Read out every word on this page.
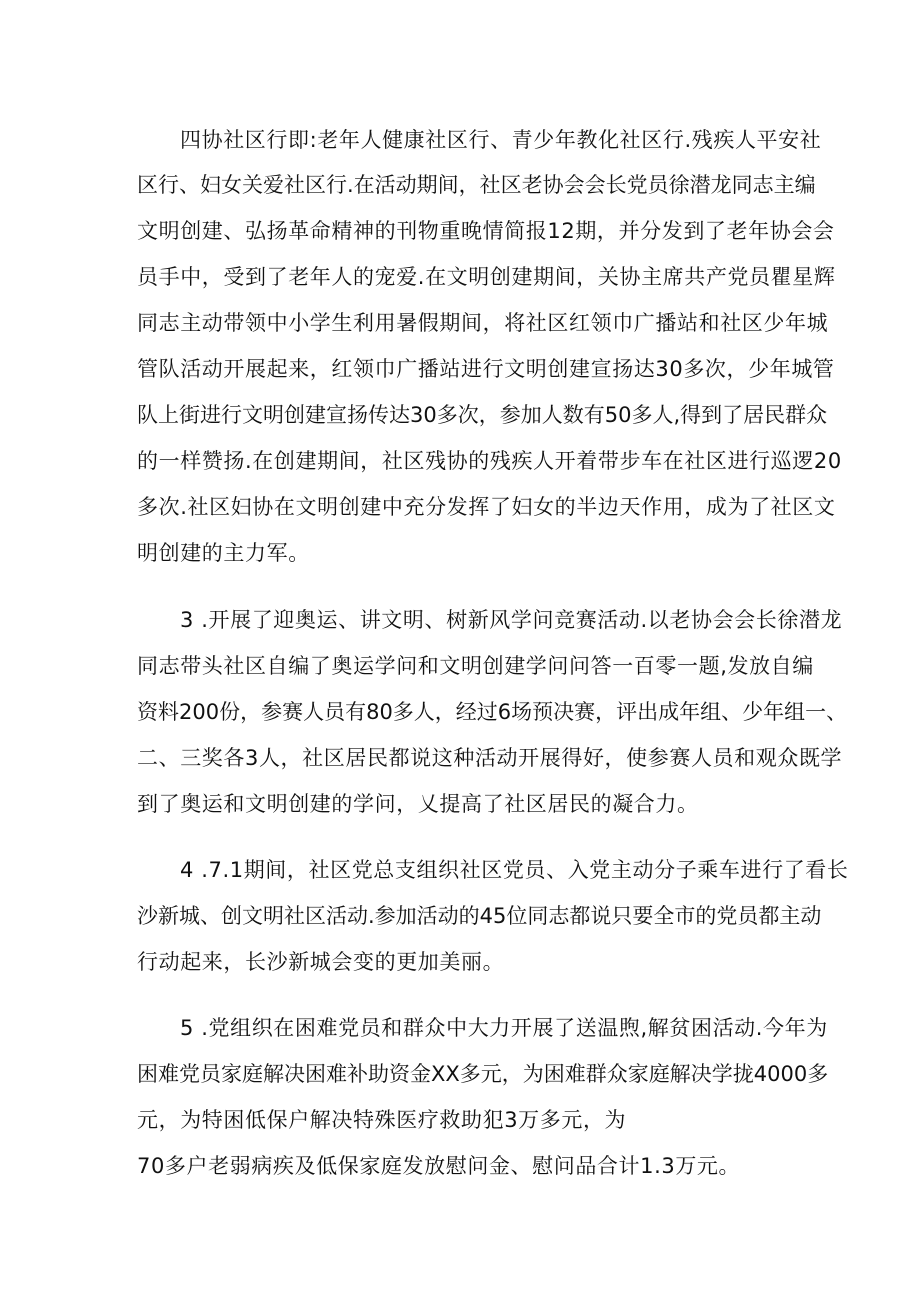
四协社区行即:老年人健康社区行、青少年教化社区行.残疾人平安社
区行、妇女关爱社区行.在活动期间，社区老协会会长党员徐潜龙同志主编
文明创建、弘扬革命精神的刊物重晚情简报12期，并分发到了老年协会会
员手中，受到了老年人的宠爱.在文明创建期间，关协主席共产党员瞿星辉
同志主动带领中小学生利用暑假期间，将社区红领巾广播站和社区少年城
管队活动开展起来，红领巾广播站进行文明创建宣扬达30多次，少年城管
队上街进行文明创建宣扬传达30多次，参加人数有50多人,得到了居民群众
的一样赞扬.在创建期间，社区残协的残疾人开着带步车在社区进行巡逻20
多次.社区妇协在文明创建中充分发挥了妇女的半边天作用，成为了社区文
明创建的主力军。
3 .开展了迎奥运、讲文明、树新风学问竞赛活动.以老协会会长徐潜龙
同志带头社区自编了奥运学问和文明创建学问问答一百零一题,发放自编
资料200份，参赛人员有80多人，经过6场预决赛，评出成年组、少年组一、
二、三奖各3人，社区居民都说这种活动开展得好，使参赛人员和观众既学
到了奥运和文明创建的学问，乂提高了社区居民的凝合力。
4 .7.1期间，社区党总支组织社区党员、入党主动分子乘车进行了看长
沙新城、创文明社区活动.参加活动的45位同志都说只要全市的党员都主动
行动起来，长沙新城会变的更加美丽。
5 .党组织在困难党员和群众中大力开展了送温煦,解贫困活动.今年为
困难党员家庭解决困难补助资金XX多元，为困难群众家庭解决学拢4000多
元，为特困低保户解决特殊医疗救助犯3万多元，为
70多户老弱病疾及低保家庭发放慰问金、慰问品合计1.3万元。
